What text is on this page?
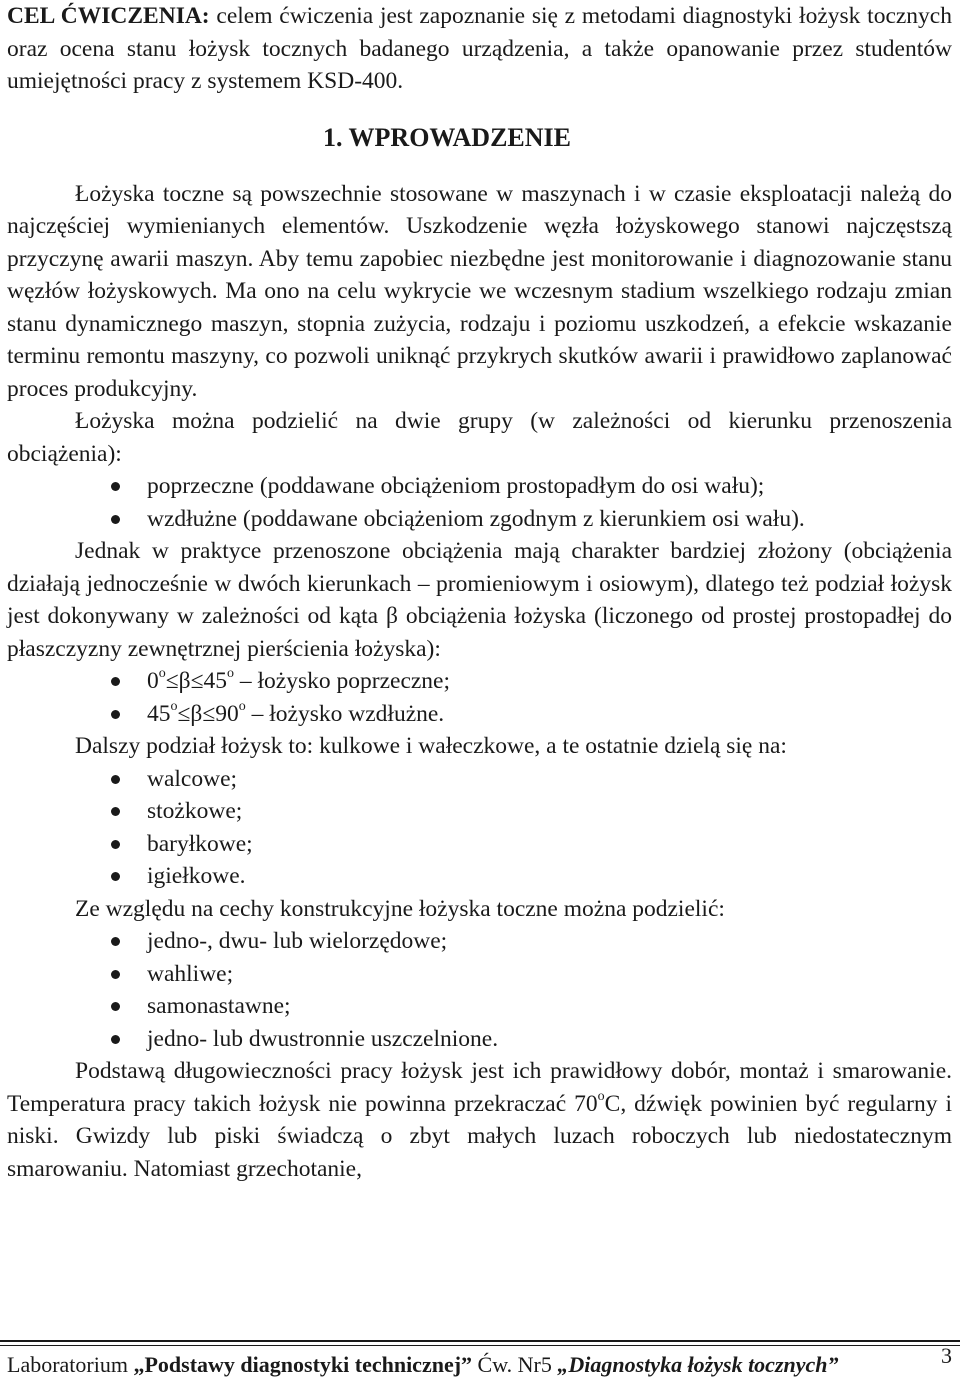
CEL ĆWICZENIA: celem ćwiczenia jest zapoznanie się z metodami diagnostyki łożysk tocznych oraz ocena stanu łożysk tocznych badanego urządzenia, a także opanowanie przez studentów umiejętności pracy z systemem KSD-400.

1. WPROWADZENIE

Łożyska toczne są powszechnie stosowane w maszynach i w czasie eksploatacji należą do najczęściej wymienianych elementów. Uszkodzenie węzła łożyskowego stanowi najczęstszą przyczynę awarii maszyn. Aby temu zapobiec niezbędne jest monitorowanie i diagnozowanie stanu węzłów łożyskowych. Ma ono na celu wykrycie we wczesnym stadium wszelkiego rodzaju zmian stanu dynamicznego maszyn, stopnia zużycia, rodzaju i poziomu uszkodzeń, a efekcie wskazanie terminu remontu maszyny, co pozwoli uniknąć przykrych skutków awarii i prawidłowo zaplanować proces produkcyjny.

Łożyska można podzielić na dwie grupy (w zależności od kierunku przenoszenia obciążenia):

poprzeczne (poddawane obciążeniom prostopadłym do osi wału);
wzdłużne (poddawane obciążeniom zgodnym z kierunkiem osi wału).

Jednak w praktyce przenoszone obciążenia mają charakter bardziej złożony (obciążenia działają jednocześnie w dwóch kierunkach – promieniowym i osiowym), dlatego też podział łożysk jest dokonywany w zależności od kąta β obciążenia łożyska (liczonego od prostej prostopadłej do płaszczyzny zewnętrznej pierścienia łożyska):

$0^o\le\beta\le 45^o$ – łożysko poprzeczne;
$45^o\le\beta\le 90^o$ – łożysko wzdłużne.

Dalszy podział łożysk to: kulkowe i wałeczkowe, a te ostatnie dzielą się na:

walcowe;
stożkowe;
baryłkowe;
igiełkowe.

Ze względu na cechy konstrukcyjne łożyska toczne można podzielić:

jedno-, dwu- lub wielorzędowe;
wahliwe;
samonastawne;
jedno- lub dwustronnie uszczelnione.

Podstawą długowieczności pracy łożysk jest ich prawidłowy dobór, montaż i smarowanie. Temperatura pracy takich łożysk nie powinna przekraczać 70$^o$C, dźwięk powinien być regularny i niski. Gwizdy lub piski świadczą o zbyt małych luzach roboczych lub niedostatecznym smarowaniu. Natomiast grzechotanie,

Laboratorium „Podstawy diagnostyki technicznej” Ćw. Nr5 „Diagnostyka łożysk tocznych”	3
